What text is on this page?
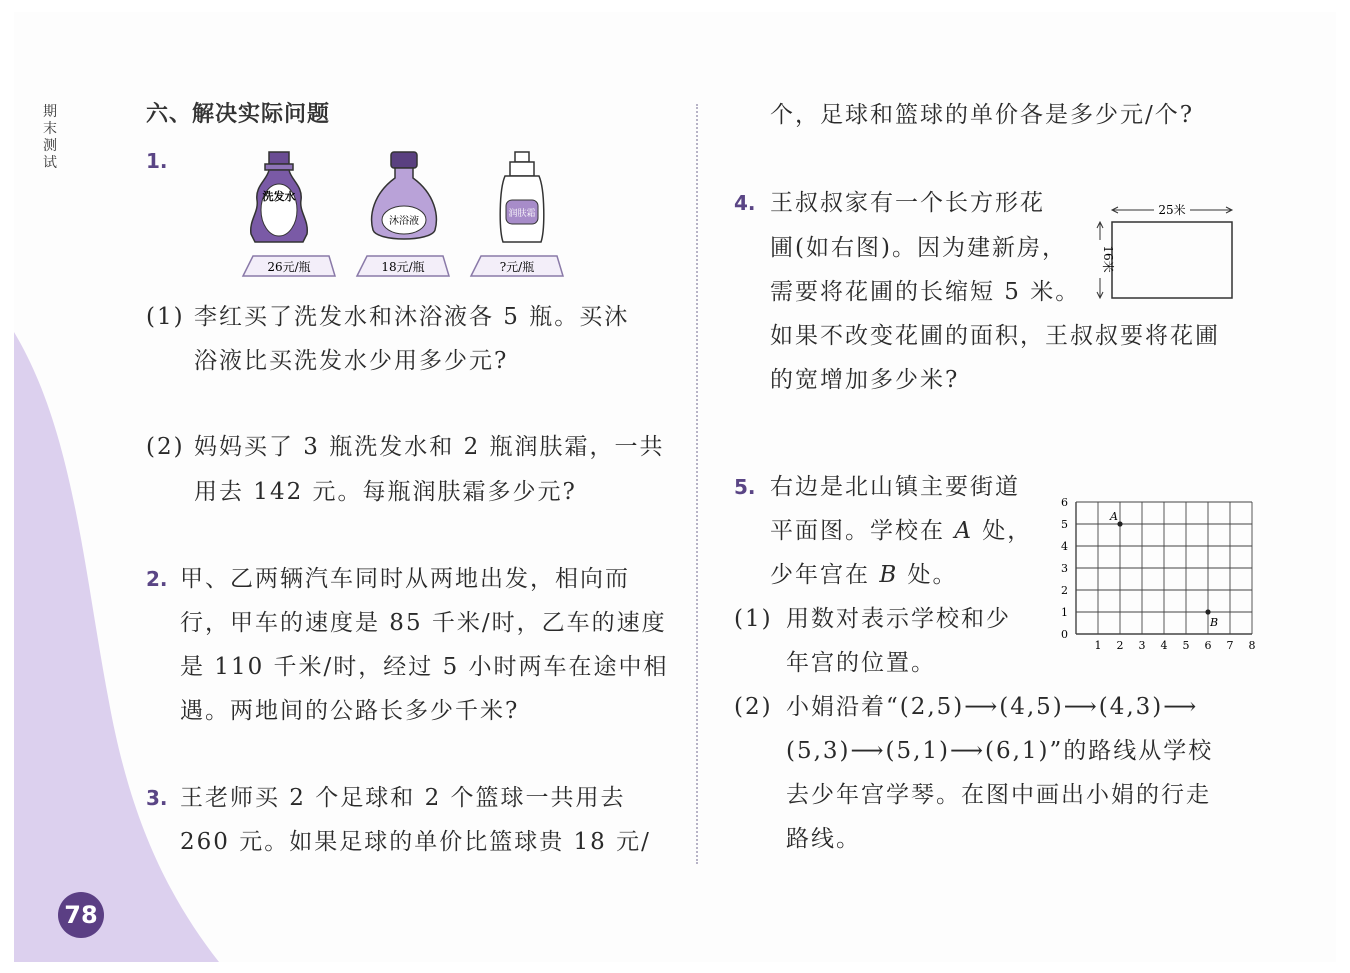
期
末
测
试
78
六、解决实际问题
1.
洗发水
沐浴液
润肤霜
26元/瓶	18元/瓶	?元/瓶
(1) 李红买了洗发水和沐浴液各 5 瓶。买沐
浴液比买洗发水少用多少元?
(2) 妈妈买了 3 瓶洗发水和 2 瓶润肤霜，一共
用去 142 元。每瓶润肤霜多少元?
2. 甲、乙两辆汽车同时从两地出发，相向而
行，甲车的速度是 85 千米/时，乙车的速度
是 110 千米/时，经过 5 小时两车在途中相
遇。两地间的公路长多少千米?
3. 王老师买 2 个足球和 2 个篮球一共用去
260 元。如果足球的单价比篮球贵 18 元/
个，足球和篮球的单价各是多少元/个?
4. 王叔叔家有一个长方形花
圃(如右图)。因为建新房，
需要将花圃的长缩短 5 米。
如果不改变花圃的面积，王叔叔要将花圃
的宽增加多少米?
25米
16米
5. 右边是北山镇主要街道
平面图。学校在 A 处，
少年宫在 B 处。
(1) 用数对表示学校和少
年宫的位置。
(2) 小娟沿着“(2,5)⟶(4,5)⟶(4,3)⟶
(5,3)⟶(5,1)⟶(6,1)”的路线从学校
去少年宫学琴。在图中画出小娟的行走
路线。
0
1
2
3
4
5
6
1 2 3 4 5 6 7 8
A
B
